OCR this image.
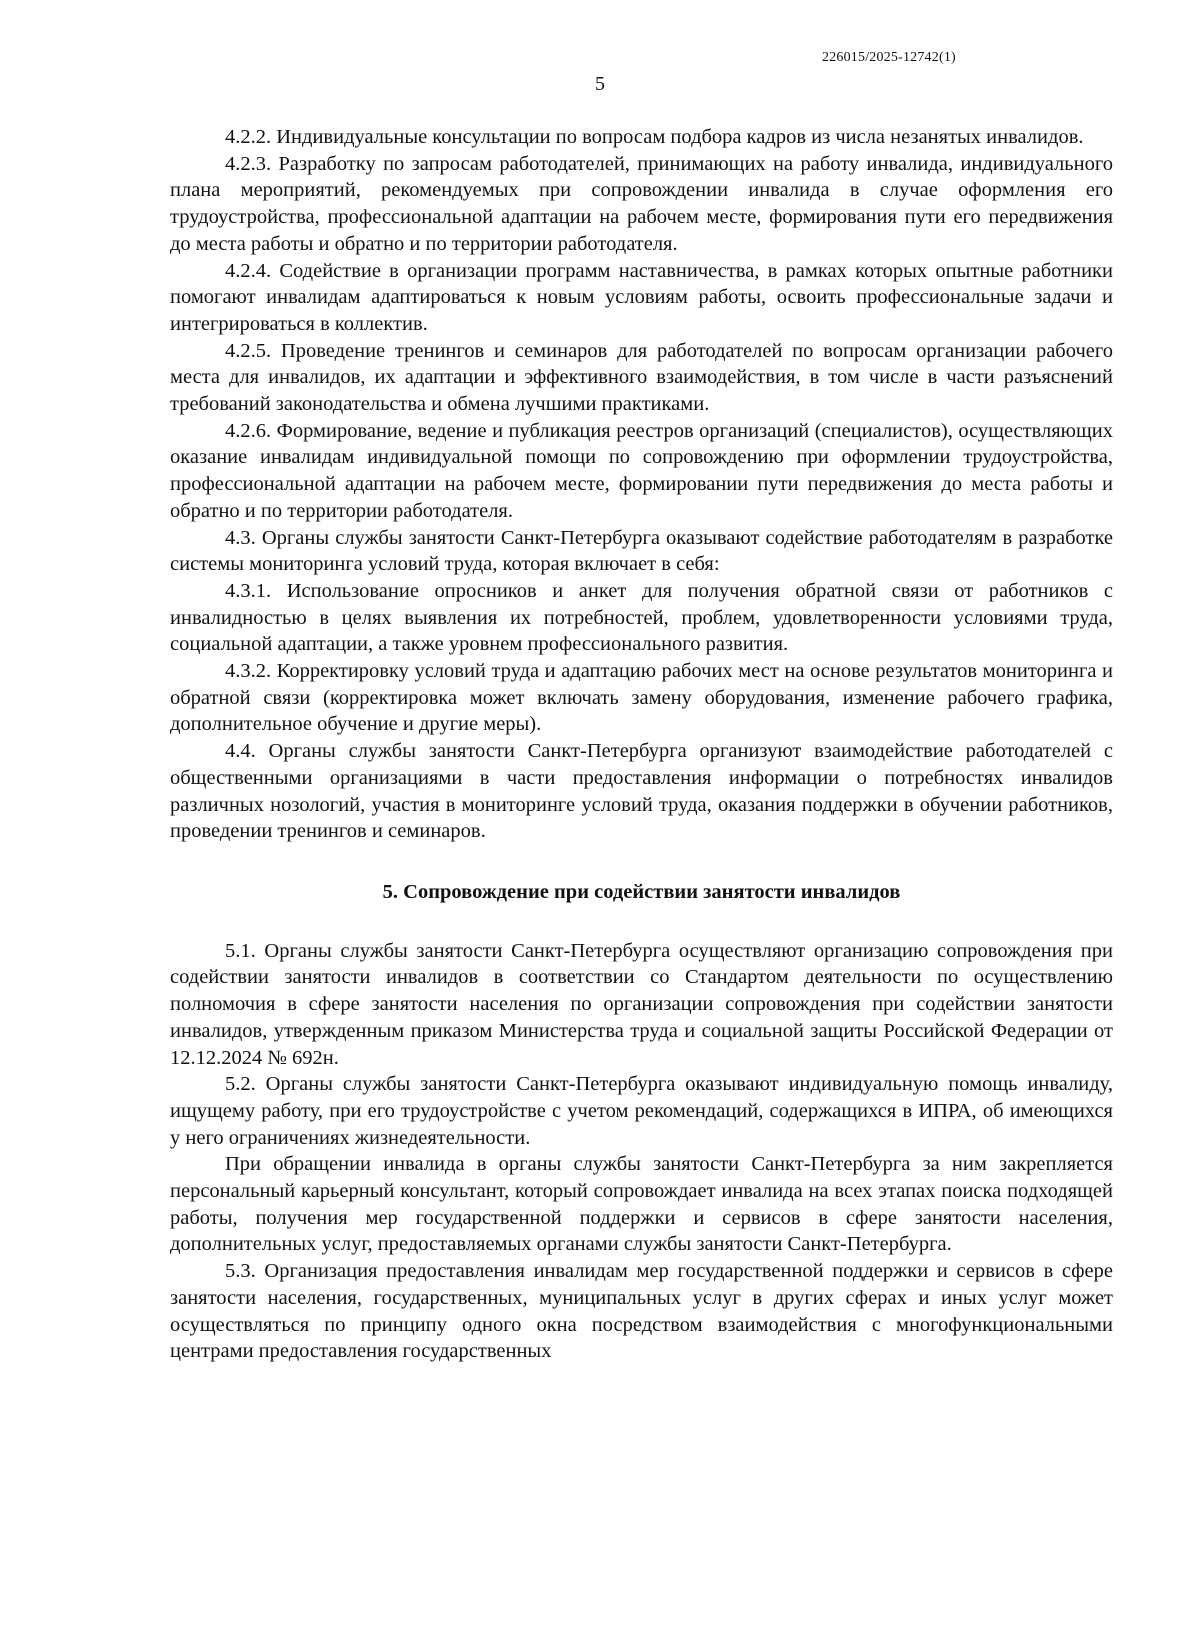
226015/2025-12742(1)
5

4.2.2. Индивидуальные консультации по вопросам подбора кадров из числа незанятых инвалидов.

4.2.3. Разработку по запросам работодателей, принимающих на работу инвалида, индивидуального плана мероприятий, рекомендуемых при сопровождении инвалида в случае оформления его трудоустройства, профессиональной адаптации на рабочем месте, формирования пути его передвижения до места работы и обратно и по территории работодателя.

4.2.4. Содействие в организации программ наставничества, в рамках которых опытные работники помогают инвалидам адаптироваться к новым условиям работы, освоить профессиональные задачи и интегрироваться в коллектив.

4.2.5. Проведение тренингов и семинаров для работодателей по вопросам организации рабочего места для инвалидов, их адаптации и эффективного взаимодействия, в том числе в части разъяснений требований законодательства и обмена лучшими практиками.

4.2.6. Формирование, ведение и публикация реестров организаций (специалистов), осуществляющих оказание инвалидам индивидуальной помощи по сопровождению при оформлении трудоустройства, профессиональной адаптации на рабочем месте, формировании пути передвижения до места работы и обратно и по территории работодателя.

4.3. Органы службы занятости Санкт-Петербурга оказывают содействие работодателям в разработке системы мониторинга условий труда, которая включает в себя:

4.3.1. Использование опросников и анкет для получения обратной связи от работников с инвалидностью в целях выявления их потребностей, проблем, удовлетворенности условиями труда, социальной адаптации, а также уровнем профессионального развития.

4.3.2. Корректировку условий труда и адаптацию рабочих мест на основе результатов мониторинга и обратной связи (корректировка может включать замену оборудования, изменение рабочего графика, дополнительное обучение и другие меры).

4.4. Органы службы занятости Санкт-Петербурга организуют взаимодействие работодателей с общественными организациями в части предоставления информации о потребностях инвалидов различных нозологий, участия в мониторинге условий труда, оказания поддержки в обучении работников, проведении тренингов и семинаров.

5. Сопровождение при содействии занятости инвалидов

5.1. Органы службы занятости Санкт-Петербурга осуществляют организацию сопровождения при содействии занятости инвалидов в соответствии со Стандартом деятельности по осуществлению полномочия в сфере занятости населения по организации сопровождения при содействии занятости инвалидов, утвержденным приказом Министерства труда и социальной защиты Российской Федерации от 12.12.2024 № 692н.

5.2. Органы службы занятости Санкт-Петербурга оказывают индивидуальную помощь инвалиду, ищущему работу, при его трудоустройстве с учетом рекомендаций, содержащихся в ИПРА, об имеющихся у него ограничениях жизнедеятельности.

При обращении инвалида в органы службы занятости Санкт-Петербурга за ним закрепляется персональный карьерный консультант, который сопровождает инвалида на всех этапах поиска подходящей работы, получения мер государственной поддержки и сервисов в сфере занятости населения, дополнительных услуг, предоставляемых органами службы занятости Санкт-Петербурга.

5.3. Организация предоставления инвалидам мер государственной поддержки и сервисов в сфере занятости населения, государственных, муниципальных услуг в других сферах и иных услуг может осуществляться по принципу одного окна посредством взаимодействия с многофункциональными центрами предоставления государственных
